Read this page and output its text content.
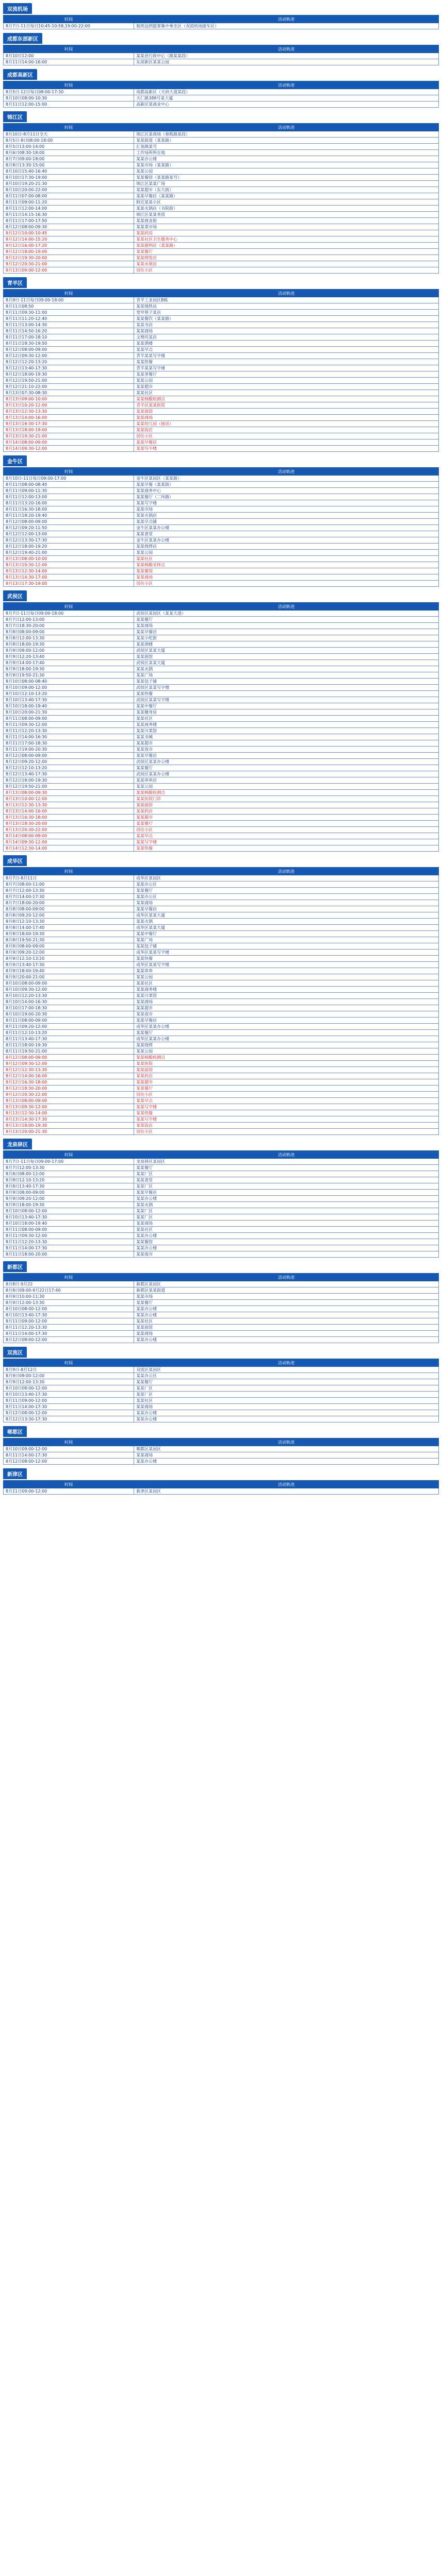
双流机场
时间	活动轨迹
8月7日-11日每日10:45-10:58,19:00-22:00	航班达到旅客集中乘坐区（双流机场接车区）
成都东部新区
时间	活动轨迹
8月10日12:00	某某县行政中心（路某某段）
8月11日14:00-16:00	东部新区某某公园
成都高新区
时间	活动轨迹
8月5日-12日每日08:00-17:30	成都高新区（天府大道某段）
8月10日08:00-10:30	天仁路388号某大厦
8月11日12:00-15:00	高新区某商业中心
锦江区
时间	活动轨迹
8月10日-8月11日全天	锦江区某商场（春熙路某段）
8月5日-8日08:00-18:00	某某街道（某某路）
8月5日13:00-14:00	汇泉路某号
8月6日08:30-18:00	工作场所所在地
8月7日09:00-18:00	某某办公楼
8月8日13:30-15:00	某某市场（某某路）
8月10日15:40-16:40	某某公园
8月10日17:30-19:00	某某餐馆（某某路某号）
8月10日19:20-21:30	锦江区某某广场
8月10日20:00-22:00	某某超市（东大街）
8月11日07:00-08:00	某某早餐店（某某路）
8月11日09:00-11:20	附近某某小区
8月11日12:00-14:00	某某火锅店（书院街）
8月11日14:15-16:30	锦江区某某茶馆
8月11日17:00-17:50	某某商业街
8月12日08:00-09:30	某某菜市场
8月12日10:00-10:45	某某药房
8月12日14:00-15:20	某某社区卫生服务中心
8月12日16:00-17:20	某某便利店（某某路）
8月12日18:00-19:00	某某餐厅
8月12日19:30-20:00	某某理发店
8月12日20:30-21:00	某某水果店
8月13日09:00-12:00	居住小区
青羊区
时间	活动轨迹
8月9日-11日每日09:00-18:00	青羊工业园区B栋
8月11日08:50	某某地铁站
8月11日09:30-11:00	宽窄巷子某店
8月11日11:20-12:40	某某餐饮（某某路）
8月11日13:00-14:30	某某书店
8月11日14:50-16:20	某某商场
8月11日17:00-18:10	文殊坊某店
8月11日18:30-19:50	某某酒楼
8月12日08:00-09:00	某某早点
8月12日09:30-12:00	青羊某某写字楼
8月12日12:20-13:20	某某快餐
8月12日13:40-17:30	青羊某某写字楼
8月12日18:00-19:30	某某茶餐厅
8月12日19:50-21:00	某某公园
8月12日21:10-22:00	某某超市
8月13日07:30-08:30	某某社区
8月13日09:00-10:00	某某核酸检测点
8月13日10:20-12:00	青羊区某某医院
8月13日12:30-13:30	某某面馆
8月13日14:00-16:00	某某商场
8月13日16:30-17:30	某某幼儿园（接送）
8月13日18:00-19:00	某某饭店
8月13日19:30-21:00	居住小区
8月14日08:00-09:00	某某早餐店
8月14日09:30-12:00	某某写字楼
金牛区
时间	活动轨迹
8月10日-11日每日09:00-17:00	金牛区某园区（某某路）
8月11日08:00-08:40	某某早餐（某某街）
8月11日09:00-11:30	某某商务中心
8月11日12:00-13:00	某某餐厅（二环路）
8月11日13:20-16:00	某某写字楼
8月11日16:30-18:00	某某市场
8月11日18:20-19:40	某某火锅店
8月12日08:00-09:00	某某早点铺
8月12日09:20-11:50	金牛区某某办公楼
8月12日12:00-13:00	某某食堂
8月12日13:30-17:30	金牛区某某办公楼
8月12日18:00-19:20	某某烧烤店
8月12日19:40-21:00	某某公园
8月13日08:00-10:00	某某社区
8月13日10:30-12:00	某某核酸采样点
8月13日12:30-14:00	某某餐馆
8月13日14:30-17:00	某某商场
8月13日17:30-19:00	居住小区
武侯区
时间	活动轨迹
8月7日-11日每日09:00-18:00	武侯区某园区（某某大道）
8月7日12:00-13:00	某某餐厅
8月7日18:30-20:00	某某商场
8月8日08:00-09:00	某某早餐店
8月8日12:00-13:30	某某小吃街
8月8日18:00-19:30	某某酒楼
8月9日09:00-12:00	武侯区某某大厦
8月9日12:20-13:40	某某面馆
8月9日14:00-17:40	武侯区某某大厦
8月9日18:00-19:30	某某火锅
8月9日19:50-21:30	某某广场
8月10日08:00-08:40	某某包子铺
8月10日09:00-12:00	武侯区某某写字楼
8月10日12:10-13:20	某某快餐
8月10日13:40-17:30	武侯区某某写字楼
8月10日18:00-19:40	某某中餐厅
8月10日20:00-21:30	某某健身房
8月11日08:00-09:00	某某社区
8月11日09:30-12:00	某某商务楼
8月11日12:20-13:30	某某川菜馆
8月11日14:00-16:30	某某书城
8月11日17:00-18:30	某某超市
8月11日19:00-20:30	某某夜市
8月12日08:00-09:00	某某早餐店
8月12日09:20-12:00	武侯区某某办公楼
8月12日12:10-13:20	某某餐厅
8月12日13:40-17:30	武侯区某某办公楼
8月12日18:00-19:30	某某串串店
8月12日19:50-21:00	某某公园
8月13日08:00-09:30	某某核酸检测点
8月13日10:00-12:00	某某医院门诊
8月13日12:30-13:30	某某面馆
8月13日14:00-16:00	某某药店
8月13日16:30-18:00	某某超市
8月13日18:30-20:00	某某餐厅
8月13日20:30-22:00	居住小区
8月14日08:00-09:00	某某早点
8月14日09:30-12:00	某某写字楼
8月14日12:30-14:00	某某快餐
成华区
时间	活动轨迹
8月7日-8月11日	成华区某园区
8月7日08:00-11:00	某某办公区
8月7日12:00-13:30	某某餐厅
8月7日14:00-17:30	某某办公区
8月7日18:00-20:00	某某商场
8月8日08:00-09:00	某某早餐店
8月8日09:20-12:00	成华区某某大厦
8月8日12:10-13:30	某某火锅
8月8日14:00-17:40	成华区某某大厦
8月8日18:00-19:30	某某中餐厅
8月8日19:50-21:30	某某广场
8月9日08:00-09:00	某某包子铺
8月9日09:20-12:00	成华区某某写字楼
8月9日12:10-13:20	某某快餐
8月9日13:40-17:30	成华区某某写字楼
8月9日18:00-19:40	某某串串
8月9日20:00-21:00	某某公园
8月10日08:00-09:00	某某社区
8月10日09:30-12:00	某某商务楼
8月10日12:20-13:30	某某川菜馆
8月10日14:00-16:30	某某商场
8月10日17:00-18:30	某某超市
8月10日19:00-20:30	某某夜市
8月11日08:00-09:00	某某早餐店
8月11日09:20-12:00	成华区某某办公楼
8月11日12:10-13:20	某某餐厅
8月11日13:40-17:30	成华区某某办公楼
8月11日18:00-19:30	某某烧烤
8月11日19:50-21:00	某某公园
8月12日08:00-09:00	某某核酸检测点
8月12日09:30-12:00	某某医院
8月12日12:30-13:30	某某面馆
8月12日14:00-16:00	某某药店
8月12日16:30-18:00	某某超市
8月12日18:30-20:00	某某餐厅
8月12日20:30-22:00	居住小区
8月13日08:00-09:00	某某早点
8月13日09:30-12:00	某某写字楼
8月13日12:30-14:00	某某快餐
8月13日14:30-17:30	某某写字楼
8月13日18:00-19:30	某某饭店
8月13日20:00-21:30	居住小区
龙泉驿区
时间	活动轨迹
8月7日-11日每日09:00-17:00	龙泉驿区某园区
8月7日12:00-13:30	某某餐厅
8月8日08:00-12:00	某某厂区
8月8日12:10-13:20	某某食堂
8月8日13:40-17:30	某某厂区
8月9日08:00-09:00	某某早餐店
8月9日09:20-12:00	某某办公楼
8月9日18:00-19:30	某某火锅
8月10日08:00-12:00	某某厂区
8月10日13:40-17:30	某某厂区
8月10日18:00-19:40	某某商场
8月11日08:00-09:00	某某社区
8月11日09:30-12:00	某某办公楼
8月11日12:20-13:30	某某餐馆
8月11日14:00-17:30	某某办公楼
8月11日18:00-20:00	某某夜市
新都区
时间	活动轨迹
8月8日-9月22	新都区某园区
8月8日09:00-9月22日17:40	新都区某某街道
8月9日10:00-11:30	某某市场
8月9日12:00-13:30	某某餐厅
8月10日08:00-12:00	某某办公楼
8月10日13:40-17:30	某某办公楼
8月11日09:00-12:00	某某社区
8月11日12:20-13:30	某某面馆
8月11日14:00-17:30	某某商场
8月12日08:00-12:00	某某办公楼
双流区
时间	活动轨迹
8月9日-8月12日	双流区某园区
8月9日09:00-12:00	某某办公区
8月9日12:00-13:30	某某餐厅
8月10日08:00-12:00	某某厂区
8月10日13:40-17:30	某某厂区
8月11日09:00-12:00	某某社区
8月11日14:00-17:30	某某商场
8月12日08:00-12:00	某某办公楼
8月12日13:30-17:30	某某办公楼
郫都区
时间	活动轨迹
8月10日09:00-12:00	郫都区某园区
8月11日14:00-17:30	某某商场
8月12日08:00-12:00	某某办公楼
新津区
时间	活动轨迹
8月11日09:00-12:00	新津区某园区
